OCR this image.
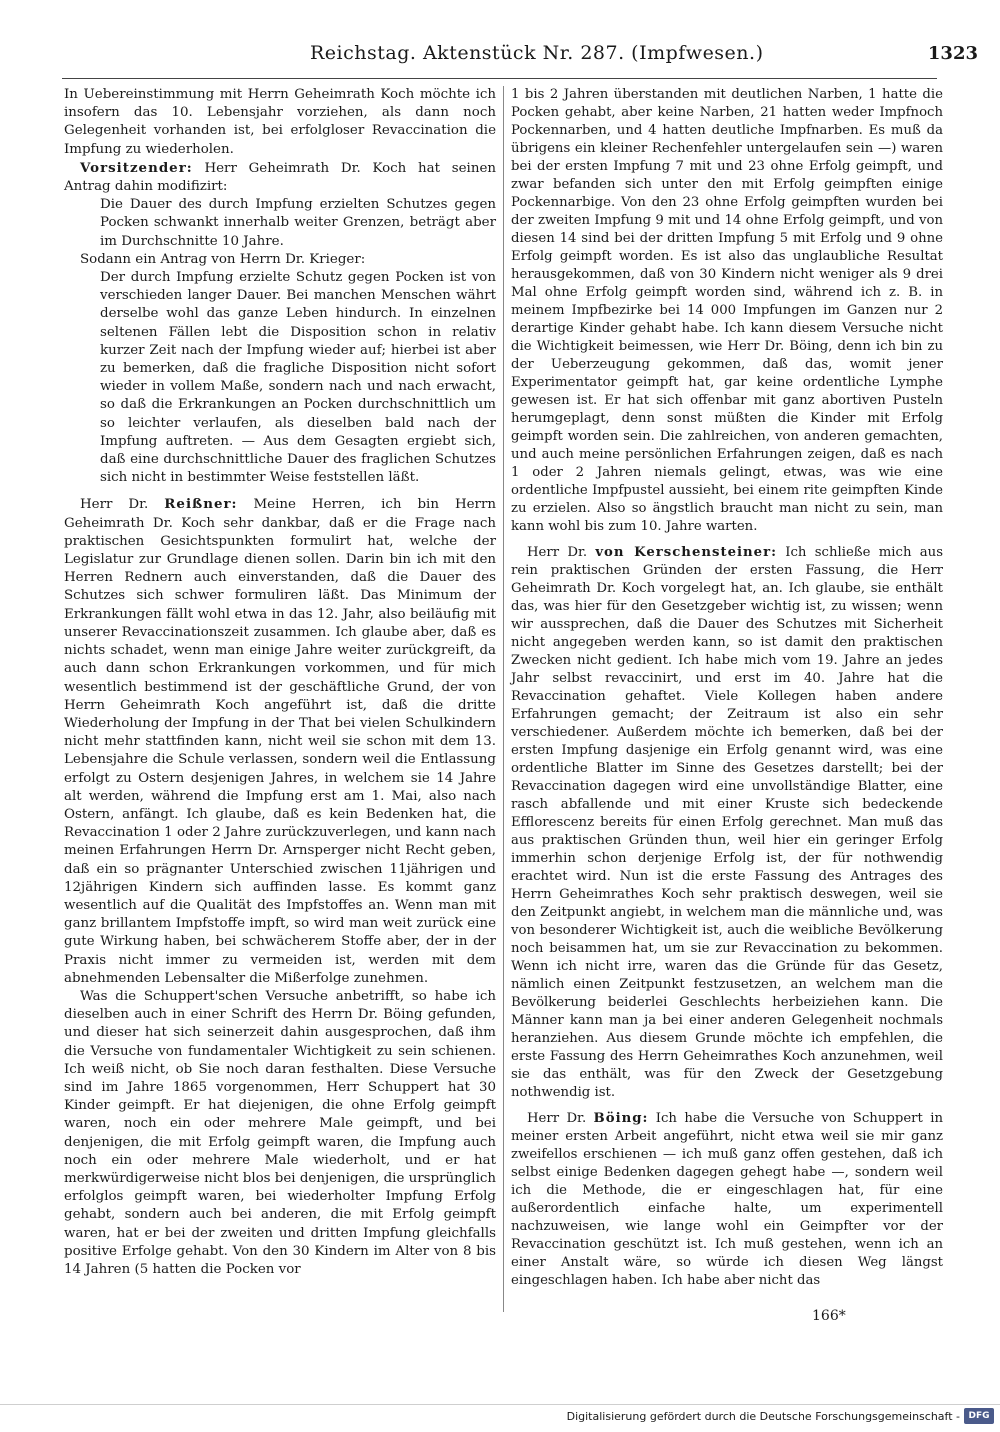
Reichstag. Aktenstück Nr. 287. (Impfwesen.)	1323

In Uebereinstimmung mit Herrn Geheimrath Koch möchte ich insofern das 10. Lebensjahr vorziehen, als dann noch Gelegenheit vorhanden ist, bei erfolgloser Revaccination die Impfung zu wiederholen.

Vorsitzender: Herr Geheimrath Dr. Koch hat seinen Antrag dahin modifizirt:

Die Dauer des durch Impfung erzielten Schutzes gegen Pocken schwankt innerhalb weiter Grenzen, beträgt aber im Durchschnitte 10 Jahre.

Sodann ein Antrag von Herrn Dr. Krieger:

Der durch Impfung erzielte Schutz gegen Pocken ist von verschieden langer Dauer. Bei manchen Menschen währt derselbe wohl das ganze Leben hindurch. In einzelnen seltenen Fällen lebt die Disposition schon in relativ kurzer Zeit nach der Impfung wieder auf; hierbei ist aber zu bemerken, daß die fragliche Disposition nicht sofort wieder in vollem Maße, sondern nach und nach erwacht, so daß die Erkrankungen an Pocken durchschnittlich um so leichter verlaufen, als dieselben bald nach der Impfung auftreten. — Aus dem Gesagten ergiebt sich, daß eine durchschnittliche Dauer des fraglichen Schutzes sich nicht in bestimmter Weise feststellen läßt.

Herr Dr. Reißner: Meine Herren, ich bin Herrn Geheimrath Dr. Koch sehr dankbar, daß er die Frage nach praktischen Gesichtspunkten formulirt hat, welche der Legislatur zur Grundlage dienen sollen. Darin bin ich mit den Herren Rednern auch einverstanden, daß die Dauer des Schutzes sich schwer formuliren läßt. Das Minimum der Erkrankungen fällt wohl etwa in das 12. Jahr, also beiläufig mit unserer Revaccinationszeit zusammen. Ich glaube aber, daß es nichts schadet, wenn man einige Jahre weiter zurückgreift, da auch dann schon Erkrankungen vorkommen, und für mich wesentlich bestimmend ist der geschäftliche Grund, der von Herrn Geheimrath Koch angeführt ist, daß die dritte Wiederholung der Impfung in der That bei vielen Schulkindern nicht mehr stattfinden kann, nicht weil sie schon mit dem 13. Lebensjahre die Schule verlassen, sondern weil die Entlassung erfolgt zu Ostern desjenigen Jahres, in welchem sie 14 Jahre alt werden, während die Impfung erst am 1. Mai, also nach Ostern, anfängt. Ich glaube, daß es kein Bedenken hat, die Revaccination 1 oder 2 Jahre zurückzuverlegen, und kann nach meinen Erfahrungen Herrn Dr. Arnsperger nicht Recht geben, daß ein so prägnanter Unterschied zwischen 11jährigen und 12jährigen Kindern sich auffinden lasse. Es kommt ganz wesentlich auf die Qualität des Impfstoffes an. Wenn man mit ganz brillantem Impfstoffe impft, so wird man weit zurück eine gute Wirkung haben, bei schwächerem Stoffe aber, der in der Praxis nicht immer zu vermeiden ist, werden mit dem abnehmenden Lebensalter die Mißerfolge zunehmen.

Was die Schuppert'schen Versuche anbetrifft, so habe ich dieselben auch in einer Schrift des Herrn Dr. Böing gefunden, und dieser hat sich seinerzeit dahin ausgesprochen, daß ihm die Versuche von fundamentaler Wichtigkeit zu sein schienen. Ich weiß nicht, ob Sie noch daran festhalten. Diese Versuche sind im Jahre 1865 vorgenommen, Herr Schuppert hat 30 Kinder geimpft. Er hat diejenigen, die ohne Erfolg geimpft waren, noch ein oder mehrere Male geimpft, und bei denjenigen, die mit Erfolg geimpft waren, die Impfung auch noch ein oder mehrere Male wiederholt, und er hat merkwürdigerweise nicht blos bei denjenigen, die ursprünglich erfolglos geimpft waren, bei wiederholter Impfung Erfolg gehabt, sondern auch bei anderen, die mit Erfolg geimpft waren, hat er bei der zweiten und dritten Impfung gleichfalls positive Erfolge gehabt. Von den 30 Kindern im Alter von 8 bis 14 Jahren (5 hatten die Pocken vor

1 bis 2 Jahren überstanden mit deutlichen Narben, 1 hatte die Pocken gehabt, aber keine Narben, 21 hatten weder Impfnoch Pockennarben, und 4 hatten deutliche Impfnarben. Es muß da übrigens ein kleiner Rechenfehler untergelaufen sein —) waren bei der ersten Impfung 7 mit und 23 ohne Erfolg geimpft, und zwar befanden sich unter den mit Erfolg geimpften einige Pockennarbige. Von den 23 ohne Erfolg geimpften wurden bei der zweiten Impfung 9 mit und 14 ohne Erfolg geimpft, und von diesen 14 sind bei der dritten Impfung 5 mit Erfolg und 9 ohne Erfolg geimpft worden. Es ist also das unglaubliche Resultat herausgekommen, daß von 30 Kindern nicht weniger als 9 drei Mal ohne Erfolg geimpft worden sind, während ich z. B. in meinem Impfbezirke bei 14 000 Impfungen im Ganzen nur 2 derartige Kinder gehabt habe. Ich kann diesem Versuche nicht die Wichtigkeit beimessen, wie Herr Dr. Böing, denn ich bin zu der Ueberzeugung gekommen, daß das, womit jener Experimentator geimpft hat, gar keine ordentliche Lymphe gewesen ist. Er hat sich offenbar mit ganz abortiven Pusteln herumgeplagt, denn sonst müßten die Kinder mit Erfolg geimpft worden sein. Die zahlreichen, von anderen gemachten, und auch meine persönlichen Erfahrungen zeigen, daß es nach 1 oder 2 Jahren niemals gelingt, etwas, was wie eine ordentliche Impfpustel aussieht, bei einem rite geimpften Kinde zu erzielen. Also so ängstlich braucht man nicht zu sein, man kann wohl bis zum 10. Jahre warten.

Herr Dr. von Kerschensteiner: Ich schließe mich aus rein praktischen Gründen der ersten Fassung, die Herr Geheimrath Dr. Koch vorgelegt hat, an. Ich glaube, sie enthält das, was hier für den Gesetzgeber wichtig ist, zu wissen; wenn wir aussprechen, daß die Dauer des Schutzes mit Sicherheit nicht angegeben werden kann, so ist damit den praktischen Zwecken nicht gedient. Ich habe mich vom 19. Jahre an jedes Jahr selbst revaccinirt, und erst im 40. Jahre hat die Revaccination gehaftet. Viele Kollegen haben andere Erfahrungen gemacht; der Zeitraum ist also ein sehr verschiedener. Außerdem möchte ich bemerken, daß bei der ersten Impfung dasjenige ein Erfolg genannt wird, was eine ordentliche Blatter im Sinne des Gesetzes darstellt; bei der Revaccination dagegen wird eine unvollständige Blatter, eine rasch abfallende und mit einer Kruste sich bedeckende Efflorescenz bereits für einen Erfolg gerechnet. Man muß das aus praktischen Gründen thun, weil hier ein geringer Erfolg immerhin schon derjenige Erfolg ist, der für nothwendig erachtet wird. Nun ist die erste Fassung des Antrages des Herrn Geheimrathes Koch sehr praktisch deswegen, weil sie den Zeitpunkt angiebt, in welchem man die männliche und, was von besonderer Wichtigkeit ist, auch die weibliche Bevölkerung noch beisammen hat, um sie zur Revaccination zu bekommen. Wenn ich nicht irre, waren das die Gründe für das Gesetz, nämlich einen Zeitpunkt festzusetzen, an welchem man die Bevölkerung beiderlei Geschlechts herbeiziehen kann. Die Männer kann man ja bei einer anderen Gelegenheit nochmals heranziehen. Aus diesem Grunde möchte ich empfehlen, die erste Fassung des Herrn Geheimrathes Koch anzunehmen, weil sie das enthält, was für den Zweck der Gesetzgebung nothwendig ist.

Herr Dr. Böing: Ich habe die Versuche von Schuppert in meiner ersten Arbeit angeführt, nicht etwa weil sie mir ganz zweifellos erschienen — ich muß ganz offen gestehen, daß ich selbst einige Bedenken dagegen gehegt habe —, sondern weil ich die Methode, die er eingeschlagen hat, für eine außerordentlich einfache halte, um experimentell nachzuweisen, wie lange wohl ein Geimpfter vor der Revaccination geschützt ist. Ich muß gestehen, wenn ich an einer Anstalt wäre, so würde ich diesen Weg längst eingeschlagen haben. Ich habe aber nicht das

166*
Digitalisierung gefördert durch die Deutsche Forschungsgemeinschaft - DFG
